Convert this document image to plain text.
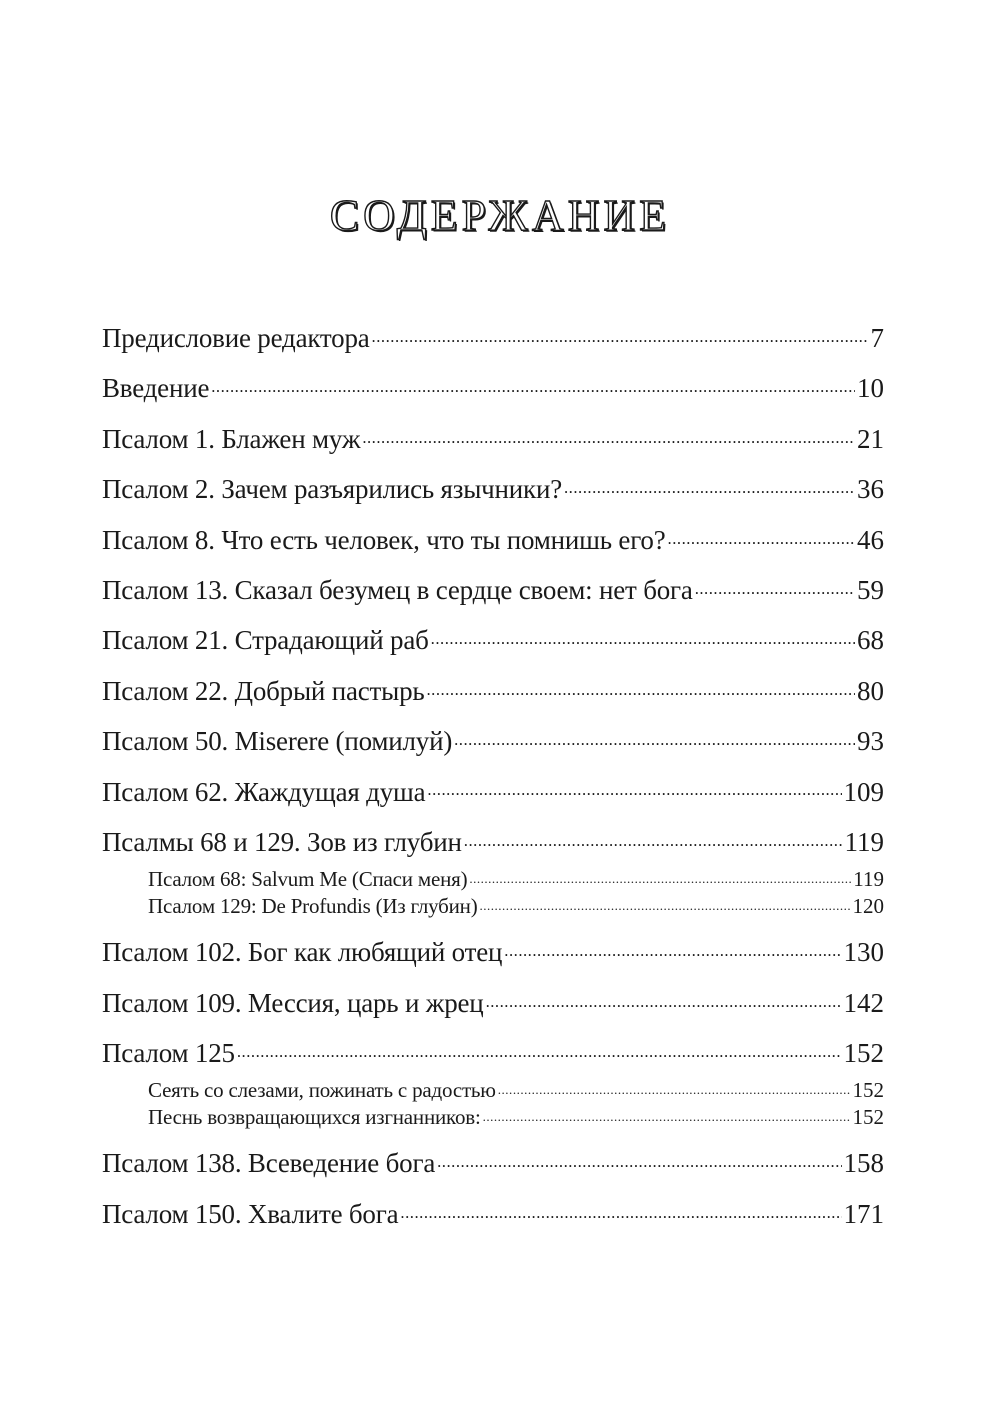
СОДЕРЖАНИЕ
Предисловие редактора .....	7
Введение .....	10
Псалом 1. Блажен муж .....	21
Псалом 2. Зачем разъярились язычники? .....	36
Псалом 8. Что есть человек, что ты помнишь его? .....	46
Псалом 13. Сказал безумец в сердце своем: нет бога .....	59
Псалом 21. Страдающий раб .....	68
Псалом 22. Добрый пастырь .....	80
Псалом 50. Miserere (помилуй) .....	93
Псалом 62. Жаждущая душа .....	109
Псалмы 68 и 129. Зов из глубин .....	119
Псалом 68: Salvum Me (Спаси меня) .....	119
Псалом 129: De Profundis (Из глубин) .....	120
Псалом 102. Бог как любящий отец .....	130
Псалом 109. Мессия, царь и жрец .....	142
Псалом 125 .....	152
Сеять со слезами, пожинать с радостью .....	152
Песнь возвращающихся изгнанников: .....	152
Псалом 138. Всеведение бога .....	158
Псалом 150. Хвалите бога .....	171
